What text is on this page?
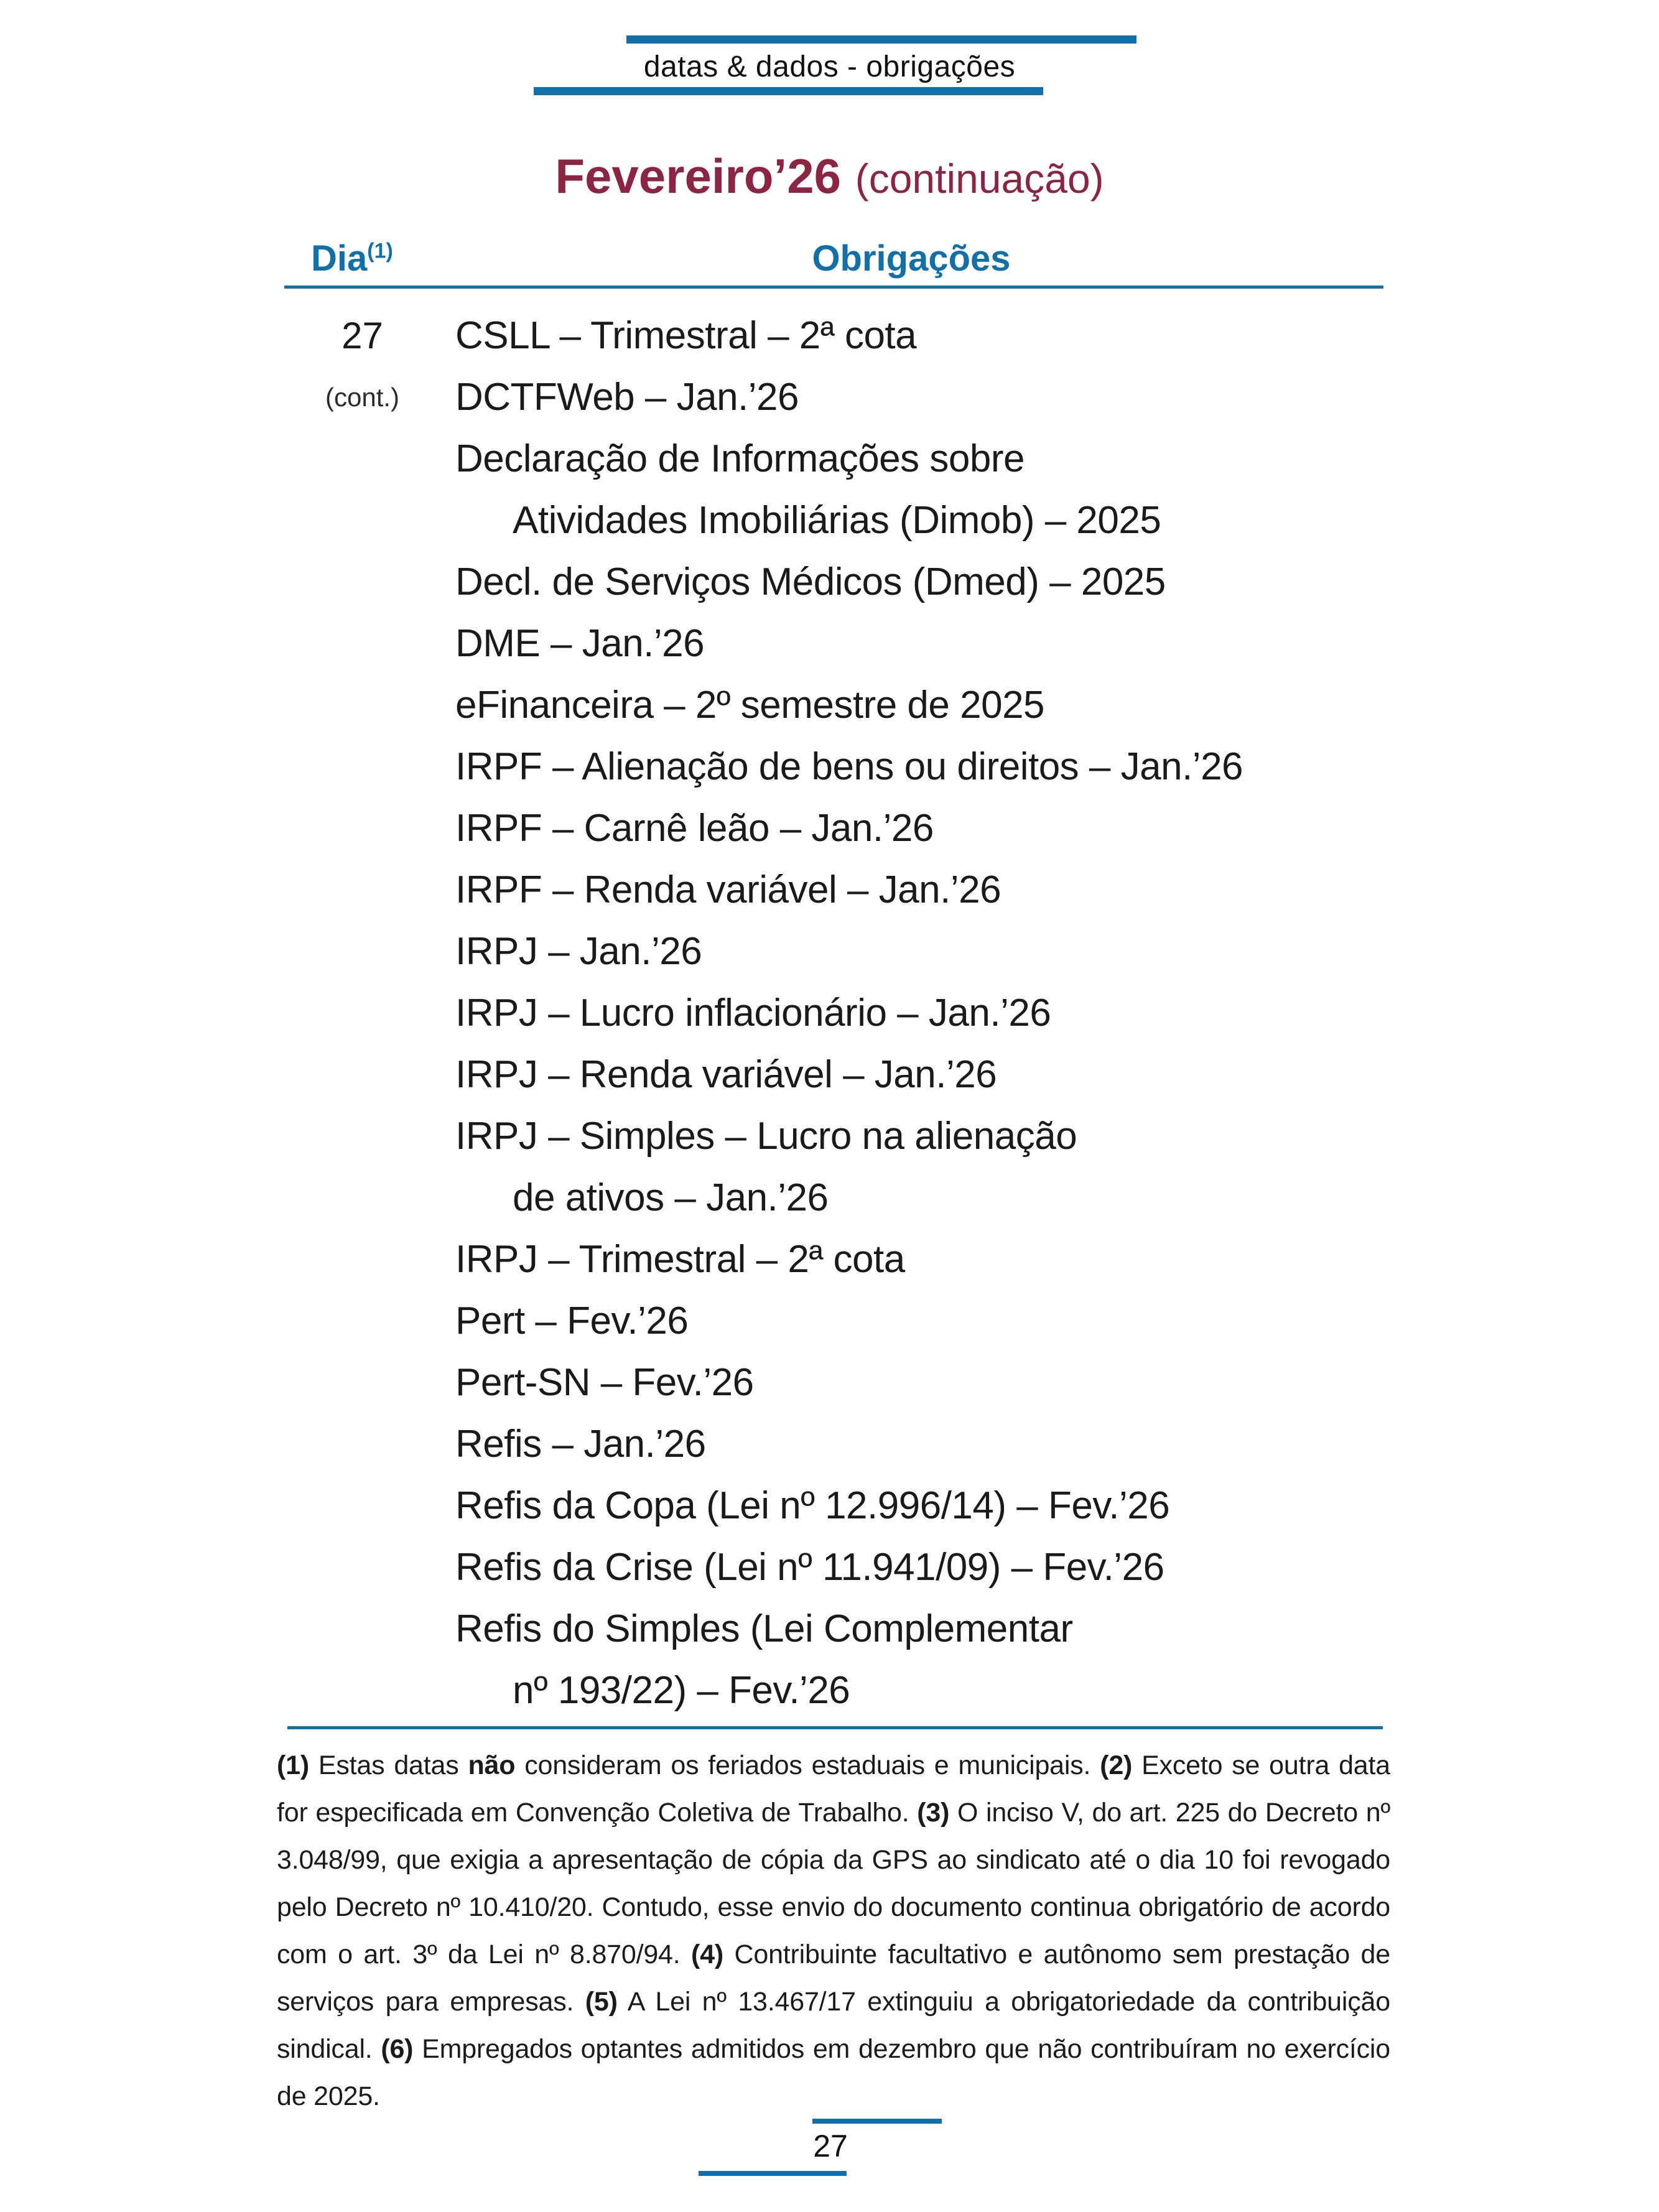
datas & dados - obrigações
Fevereiro’26 (continuação)
Dia$^{(1)}$	Obrigações
27
(cont.)
CSLL – Trimestral – 2ª cota
DCTFWeb – Jan.’26
Declaração de Informações sobre
Atividades Imobiliárias (Dimob) – 2025
Decl. de Serviços Médicos (Dmed) – 2025
DME – Jan.’26
eFinanceira – 2º semestre de 2025
IRPF – Alienação de bens ou direitos – Jan.’26
IRPF – Carnê leão – Jan.’26
IRPF – Renda variável – Jan.’26
IRPJ – Jan.’26
IRPJ – Lucro inflacionário – Jan.’26
IRPJ – Renda variável – Jan.’26
IRPJ – Simples – Lucro na alienação
de ativos – Jan.’26
IRPJ – Trimestral – 2ª cota
Pert – Fev.’26
Pert-SN – Fev.’26
Refis – Jan.’26
Refis da Copa (Lei nº 12.996/14) – Fev.’26
Refis da Crise (Lei nº 11.941/09) – Fev.’26
Refis do Simples (Lei Complementar
nº 193/22) – Fev.’26
(1) Estas datas não consideram os feriados estaduais e municipais. (2) Exceto se outra data for especificada em Convenção Coletiva de Trabalho. (3) O inciso V, do art. 225 do Decreto nº 3.048/99, que exigia a apresentação de cópia da GPS ao sindicato até o dia 10 foi revogado pelo Decreto nº 10.410/20. Contudo, esse envio do documento continua obrigatório de acordo com o art. 3º da Lei nº 8.870/94. (4) Contribuinte facultativo e autônomo sem prestação de serviços para empresas. (5) A Lei nº 13.467/17 extinguiu a obrigatoriedade da contribuição sindical. (6) Empregados optantes admitidos em dezembro que não contribuíram no exercício de 2025.
27
